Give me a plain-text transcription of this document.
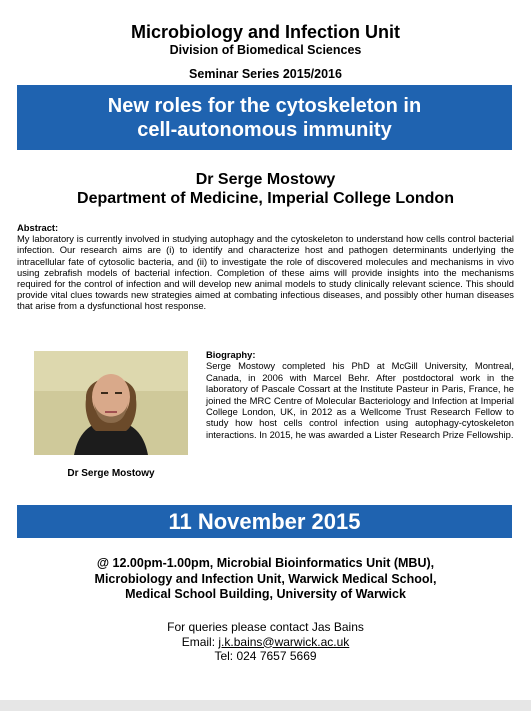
Microbiology and Infection Unit
Division of Biomedical Sciences
Seminar Series 2015/2016
New roles for the cytoskeleton in
cell-autonomous immunity
Dr Serge Mostowy
Department of Medicine, Imperial College London
Abstract:
My laboratory is currently involved in studying autophagy and the cytoskeleton to understand how cells control bacterial infection. Our research aims are (i) to identify and characterize host and pathogen determinants underlying the intracellular fate of cytosolic bacteria, and (ii) to investigate the role of discovered molecules and mechanisms in vivo using zebrafish models of bacterial infection. Completion of these aims will provide insights into the mechanisms required for the control of infection and will develop new animal models to study clinically relevant science. This should provide vital clues towards new strategies aimed at combating infectious diseases, and possibly other human diseases that arise from a dysfunctional host response.
Dr Serge Mostowy
Biography:
Serge Mostowy completed his PhD at McGill University, Montreal, Canada, in 2006 with Marcel Behr. After postdoctoral work in the laboratory of Pascale Cossart at the Institute Pasteur in Paris, France, he joined the MRC Centre of Molecular Bacteriology and Infection at Imperial College London, UK, in 2012 as a Wellcome Trust Research Fellow to study how host cells control infection using autophagy-cytoskeleton interactions. In 2015, he was awarded a Lister Research Prize Fellowship.
11 November 2015
@ 12.00pm-1.00pm, Microbial Bioinformatics Unit (MBU),
Microbiology and Infection Unit, Warwick Medical School,
Medical School Building, University of Warwick
For queries please contact Jas Bains
Email: j.k.bains@warwick.ac.uk
Tel: 024 7657 5669
